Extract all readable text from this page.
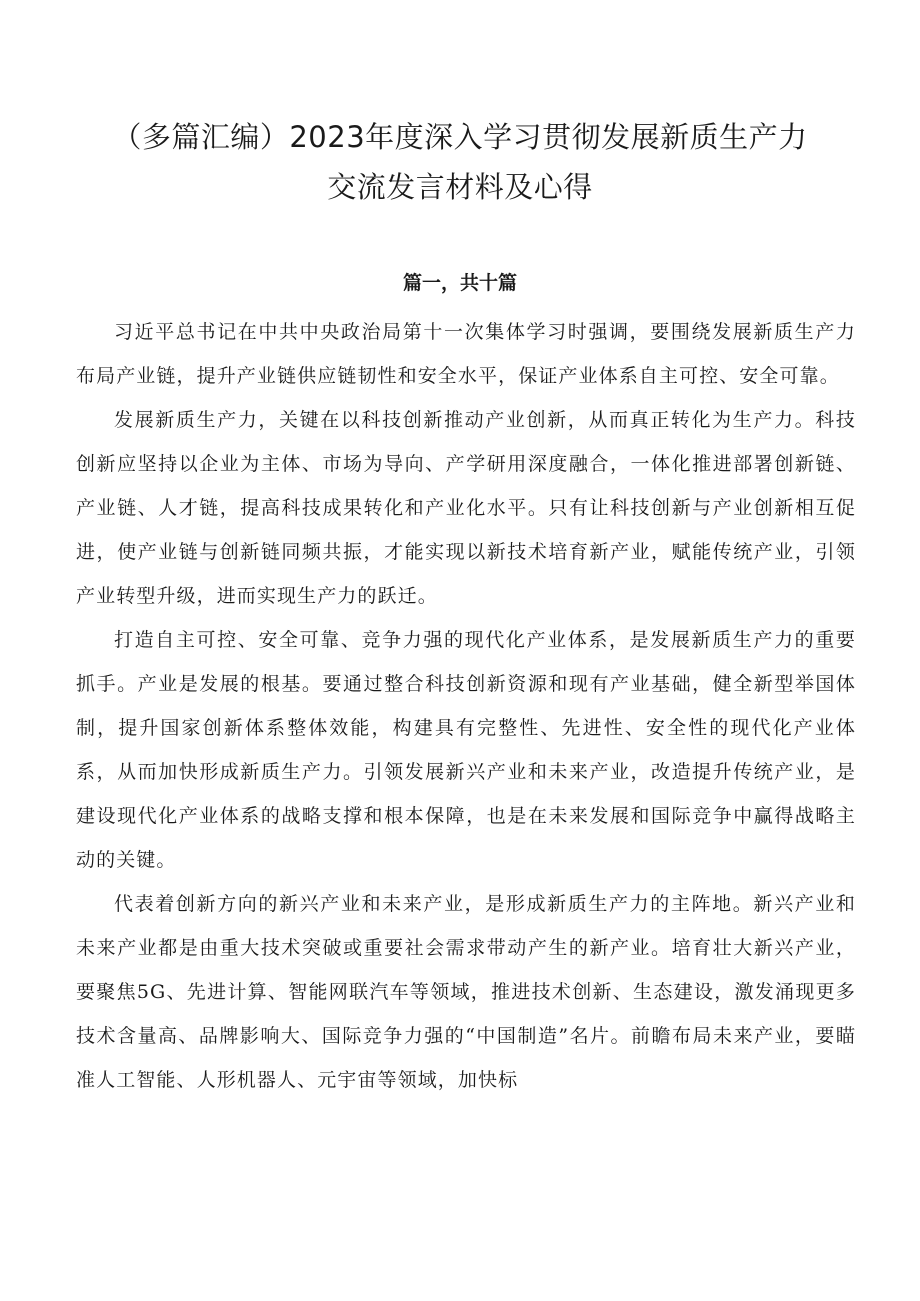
（多篇汇编）2023年度深入学习贯彻发展新质生产力
交流发言材料及心得
篇一，共十篇

习近平总书记在中共中央政治局第十一次集体学习时强调，要围绕发展新质生产力布局产业链，提升产业链供应链韧性和安全水平，保证产业体系自主可控、安全可靠。

发展新质生产力，关键在以科技创新推动产业创新，从而真正转化为生产力。科技创新应坚持以企业为主体、市场为导向、产学研用深度融合，一体化推进部署创新链、产业链、人才链，提高科技成果转化和产业化水平。只有让科技创新与产业创新相互促进，使产业链与创新链同频共振，才能实现以新技术培育新产业，赋能传统产业，引领产业转型升级，进而实现生产力的跃迁。

打造自主可控、安全可靠、竞争力强的现代化产业体系，是发展新质生产力的重要抓手。产业是发展的根基。要通过整合科技创新资源和现有产业基础，健全新型举国体制，提升国家创新体系整体效能，构建具有完整性、先进性、安全性的现代化产业体系，从而加快形成新质生产力。引领发展新兴产业和未来产业，改造提升传统产业，是建设现代化产业体系的战略支撑和根本保障，也是在未来发展和国际竞争中赢得战略主动的关键。

代表着创新方向的新兴产业和未来产业，是形成新质生产力的主阵地。新兴产业和未来产业都是由重大技术突破或重要社会需求带动产生的新产业。培育壮大新兴产业，要聚焦5G、先进计算、智能网联汽车等领域，推进技术创新、生态建设，激发涌现更多技术含量高、品牌影响大、国际竞争力强的“中国制造”名片。前瞻布局未来产业，要瞄准人工智能、人形机器人、元宇宙等领域，加快标
